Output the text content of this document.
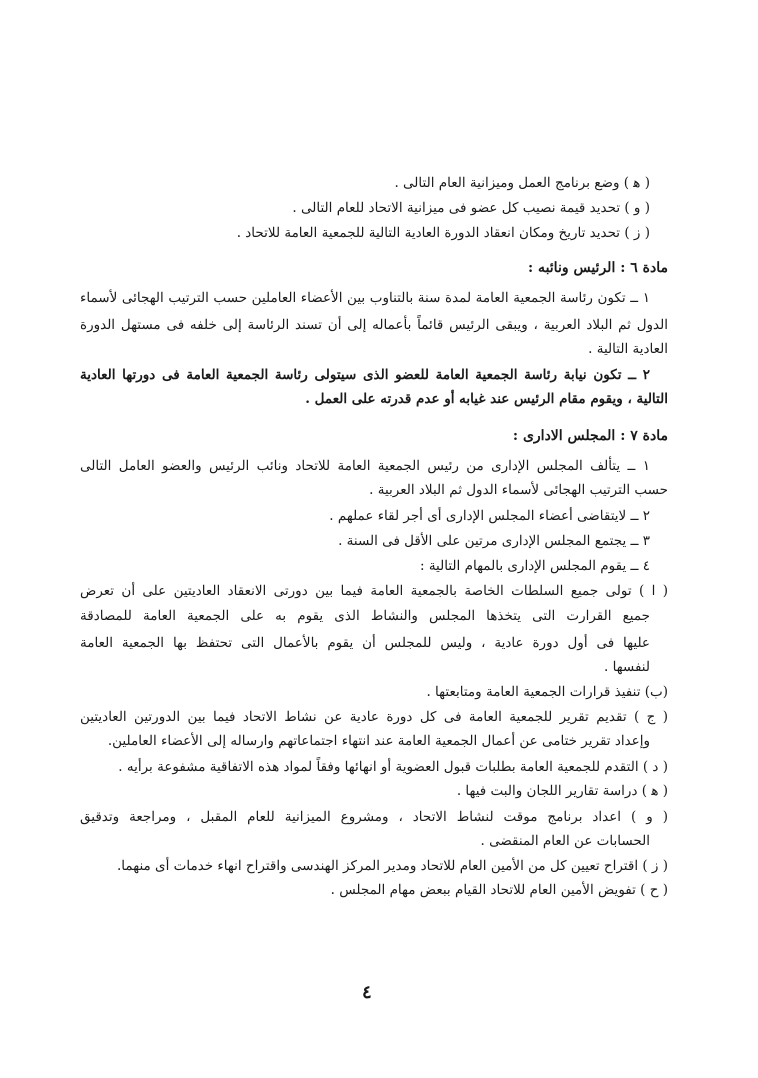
( ﻫ ) وضع برنامج العمل وميزانية العام التالى .
( و ) تحديد قيمة نصيب كل عضو فى ميزانية الاتحاد للعام التالى .
( ز ) تحديد تاريخ ومكان انعقاد الدورة العادية التالية للجمعية العامة للاتحاد .
مادة ٦ : الرئيس ونائبه :
١ ــ تكون رئاسة الجمعية العامة لمدة سنة بالتناوب بين الأعضاء العاملين حسب الترتيب الهجائى لأسماء
الدول ثم البلاد العربية ، ويبقى الرئيس قائماً بأعماله إلى أن تسند الرئاسة إلى خلفه فى مستهل الدورة
العادية التالية .
٢ ــ تكون نيابة رئاسة الجمعية العامة للعضو الذى سيتولى رئاسة الجمعية العامة فى دورتها العادية
التالية ، ويقوم مقام الرئيس عند غيابه أو عدم قدرته على العمل .
مادة ٧ : المجلس الادارى :
١ ــ يتألف المجلس الإدارى من رئيس الجمعية العامة للاتحاد ونائب الرئيس والعضو العامل التالى
حسب الترتيب الهجائى لأسماء الدول ثم البلاد العربية .
٢ ــ لايتقاضى أعضاء المجلس الإدارى أى أجر لقاء عملهم .
٣ ــ يجتمع المجلس الإدارى مرتين على الأقل فى السنة .
٤ ــ يقوم المجلس الإدارى بالمهام التالية :
( ا ) تولى جميع السلطات الخاصة بالجمعية العامة فيما بين دورتى الانعقاد العاديتين على أن تعرض
جميع القرارت التى يتخذها المجلس والنشاط الذى يقوم به على الجمعية العامة للمصادقة
عليها فى أول دورة عادية ، وليس للمجلس أن يقوم بالأعمال التى تحتفظ بها الجمعية العامة
لنفسها .
(ب) تنفيذ قرارات الجمعية العامة ومتابعتها .
( ج ) تقديم تقرير للجمعية العامة فى كل دورة عادية عن نشاط الاتحاد فيما بين الدورتين العاديتين
وإعداد تقرير ختامى عن أعمال الجمعية العامة عند انتهاء اجتماعاتهم وارساله إلى الأعضاء العاملين.
( د ) التقدم للجمعية العامة بطلبات قبول العضوية أو انهائها وفقاً لمواد هذه الاتفاقية مشفوعة برأيه .
( ﻫ ) دراسة تقارير اللجان والبت فيها .
( و ) اعداد برنامج موقت لنشاط الاتحاد ، ومشروع الميزانية للعام المقبل ، ومراجعة وتدقيق
الحسابات عن العام المنقضى .
( ز ) اقتراح تعيين كل من الأمين العام للاتحاد ومدير المركز الهندسى واقتراح انهاء خدمات أى منهما.
( ح ) تفويض الأمين العام للاتحاد القيام ببعض مهام المجلس .
٤
